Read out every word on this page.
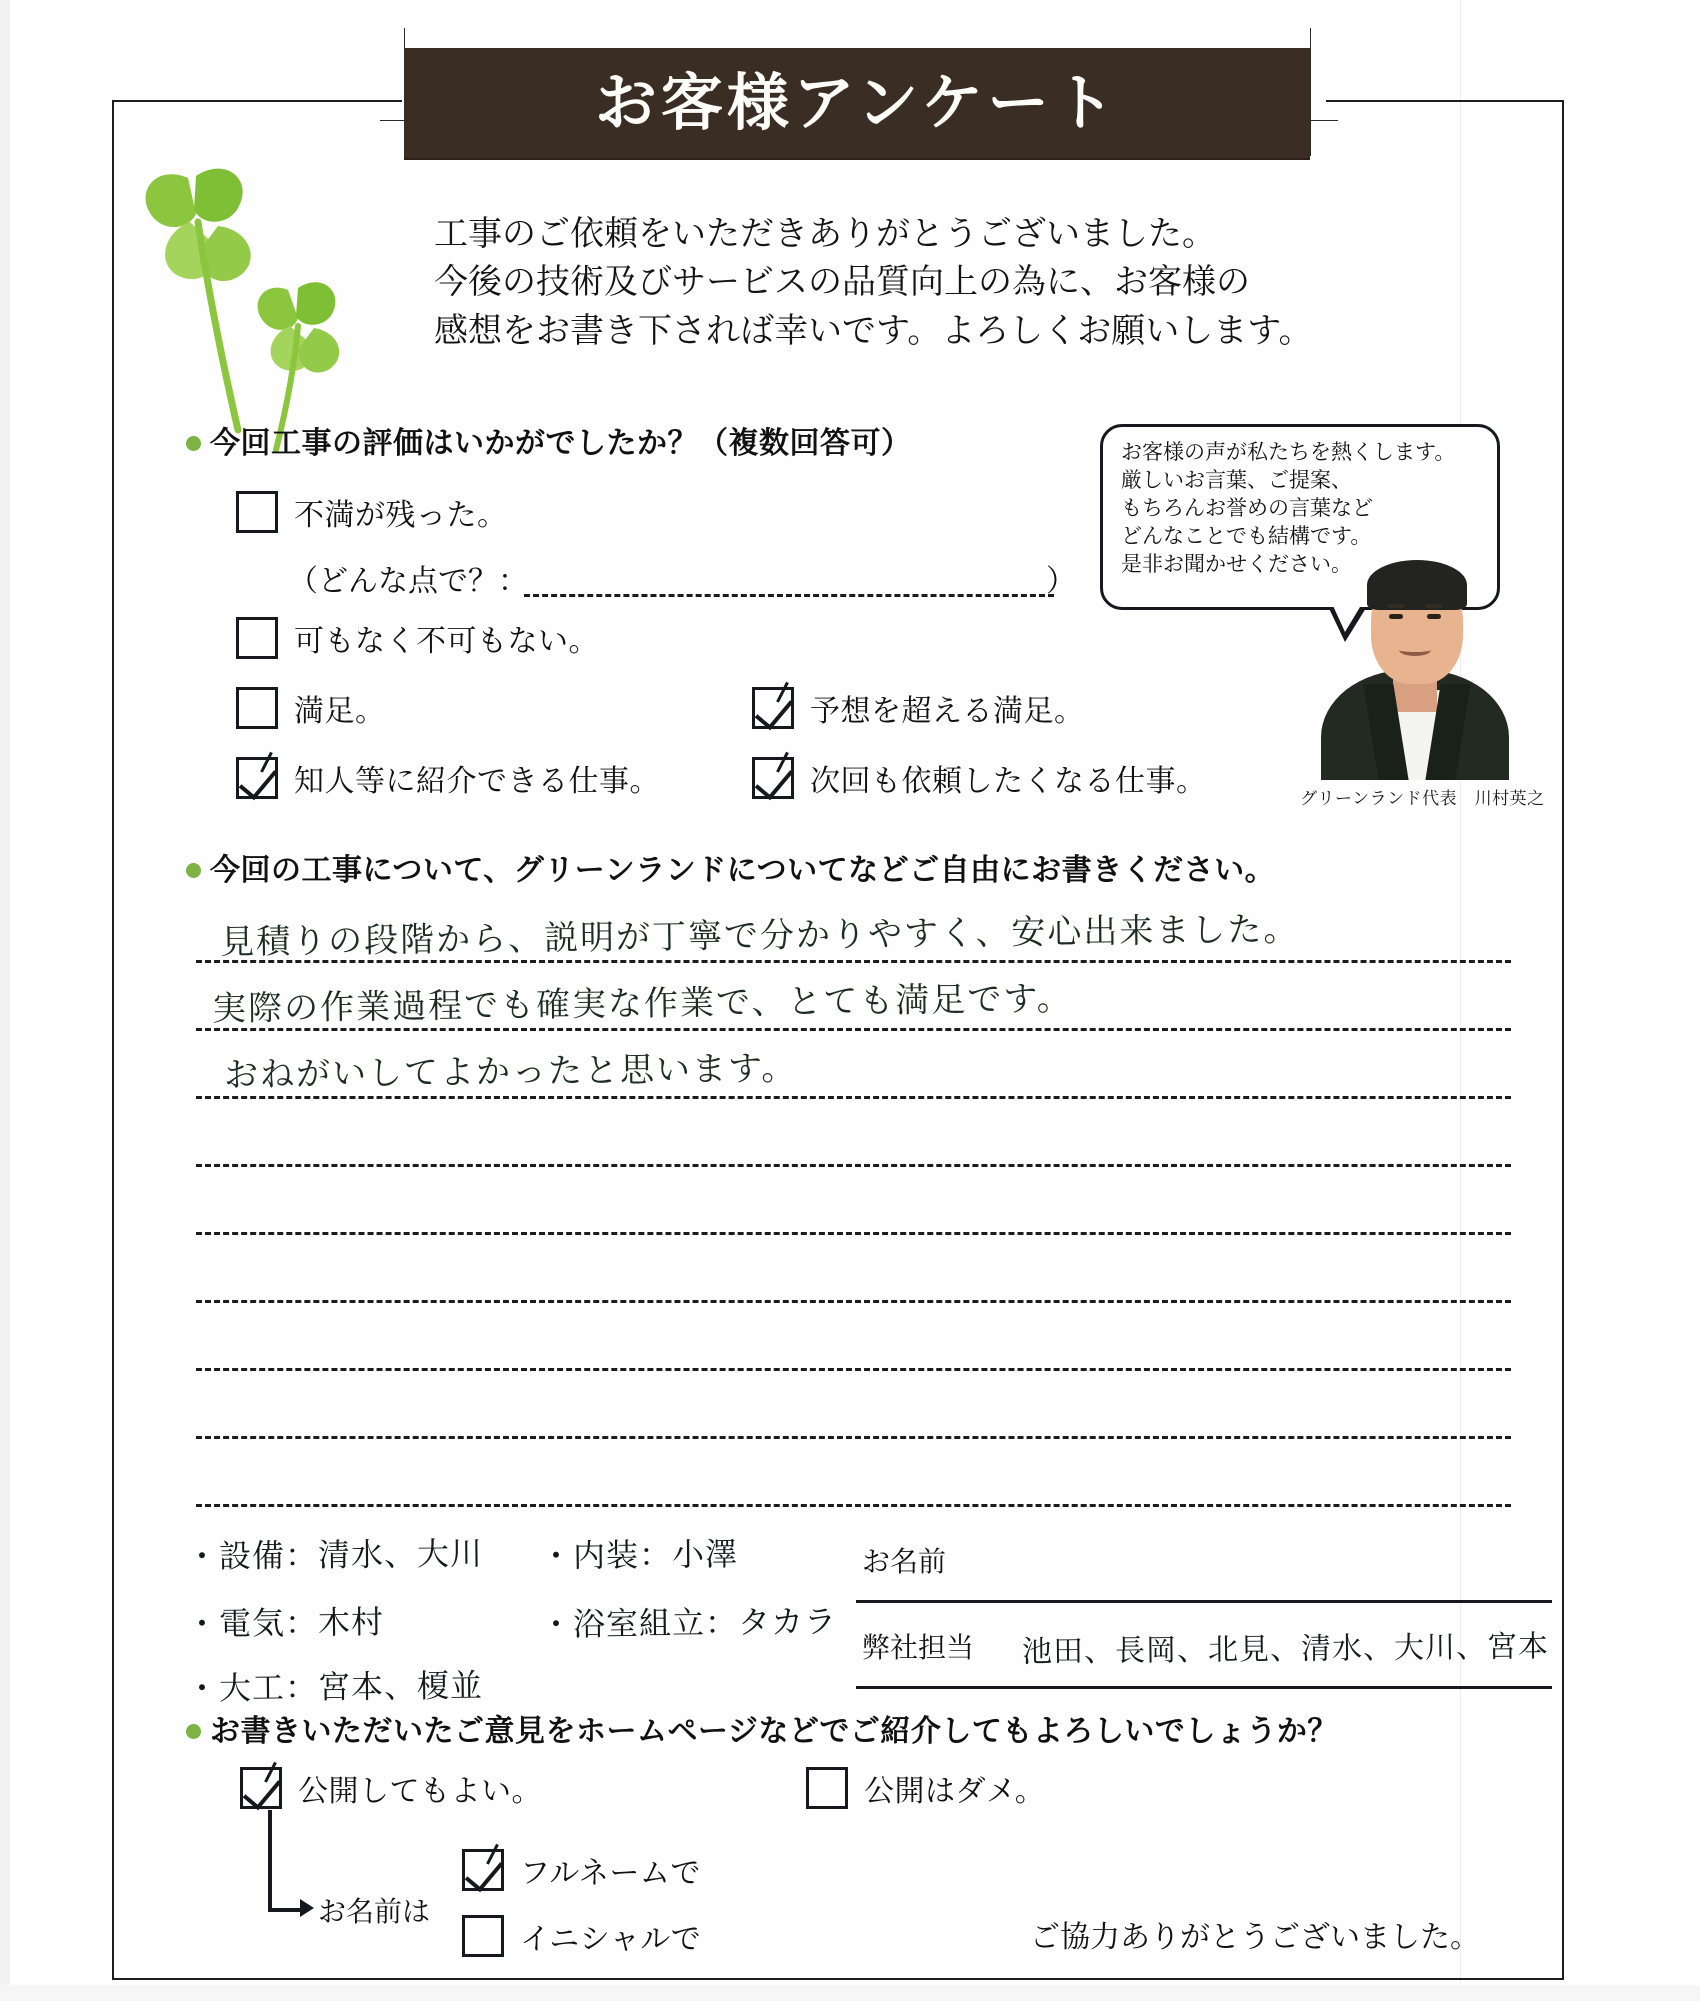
お客様アンケート
工事のご依頼をいただきありがとうございました。
今後の技術及びサービスの品質向上の為に、お客様の
感想をお書き下されば幸いです。よろしくお願いします。
お客様の声が私たちを熱くします。
厳しいお言葉、ご提案、
もちろんお誉めの言葉など
どんなことでも結構です。
是非お聞かせください。
グリーンランド代表　川村英之
今回工事の評価はいかがでしたか？（複数回答可）
不満が残った。
（どんな点で？：	）
可もなく不可もない。
満足。
知人等に紹介できる仕事。
予想を超える満足。
次回も依頼したくなる仕事。
今回の工事について、グリーンランドについてなどご自由にお書きください。
見積りの段階から、説明が丁寧で分かりやすく、安心出来ました。
実際の作業過程でも確実な作業で、とても満足です。
おねがいしてよかったと思います。
・設備：清水、大川
・電気：木村
・大工：宮本、榎並
・内装：小澤
・浴室組立：タカラ
お名前
弊社担当 池田、長岡、北見、清水、大川、宮本
お書きいただいたご意見をホームページなどでご紹介してもよろしいでしょうか？
公開してもよい。	公開はダメ。
お名前は
フルネームで
イニシャルで	ご協力ありがとうございました。
